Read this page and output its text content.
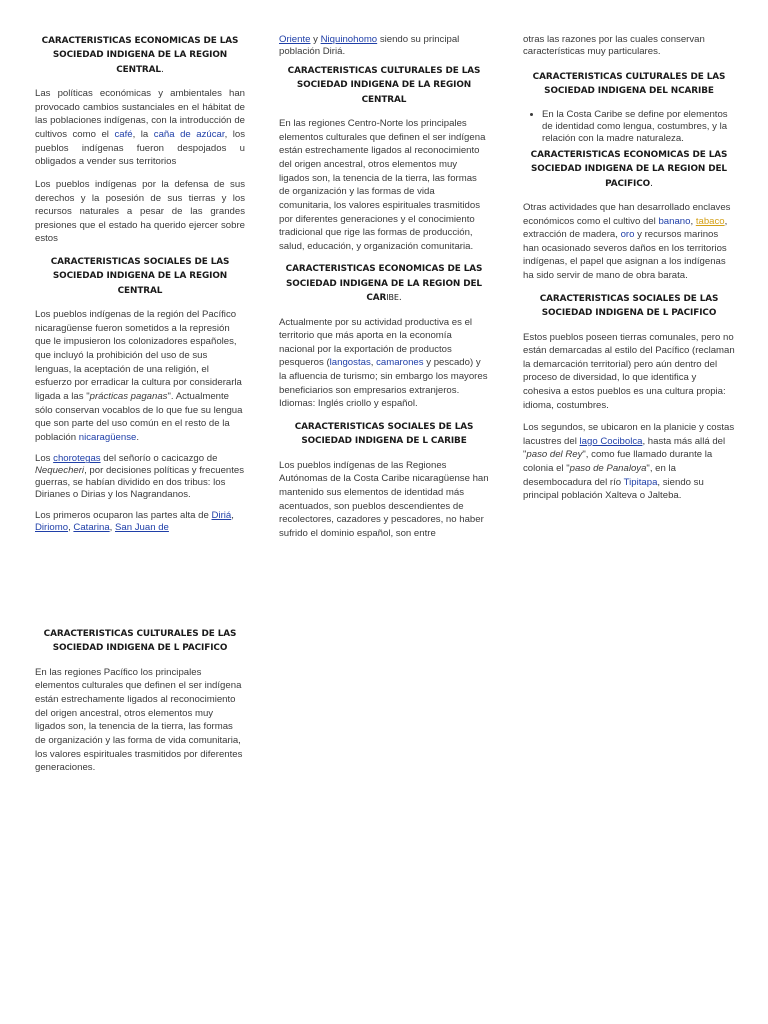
CARACTERISTICAS ECONOMICAS DE LAS SOCIEDAD INDIGENA DE LA REGION CENTRAL.

Las políticas económicas y ambientales han provocado cambios sustanciales en el hábitat de las poblaciones indígenas, con la introducción de cultivos como el café, la caña de azúcar, los pueblos indígenas fueron despojados u obligados a vender sus territorios

Los pueblos indígenas por la defensa de sus derechos y la posesión de sus tierras y los recursos naturales a pesar de las grandes presiones que el estado ha querido ejercer sobre estos

CARACTERISTICAS SOCIALES DE LAS SOCIEDAD INDIGENA DE LA REGION CENTRAL

Los pueblos indígenas de la región del Pacífico nicaragüense fueron sometidos a la represión que le impusieron los colonizadores españoles, que incluyó la prohibición del uso de sus lenguas, la aceptación de una religión, el esfuerzo por erradicar la cultura por considerarla ligada a las "prácticas paganas". Actualmente sólo conservan vocablos de lo que fue su lengua que son parte del uso común en el resto de la población nicaragüense.

Los chorotegas del señorío o cacicazgo de Nequecheri, por decisiones políticas y frecuentes guerras, se habían dividido en dos tribus: los Dirianes o Dirias y los Nagrandanos.

Los primeros ocuparon las partes alta de Diriá, Diriomo, Catarina, San Juan de

CARACTERISTICAS CULTURALES DE LAS SOCIEDAD INDIGENA DE L PACIFICO

En las regiones Pacífico los principales elementos culturales que definen el ser indígena están estrechamente ligados al reconocimiento del origen ancestral, otros elementos muy ligados son, la tenencia de la tierra, las formas de organización y las forma de vida comunitaria, los valores espirituales trasmitidos por diferentes generaciones.

Oriente y Niquinohomo siendo su principal población Diriá.

CARACTERISTICAS CULTURALES DE LAS SOCIEDAD INDIGENA DE LA REGION CENTRAL

En las regiones Centro-Norte los principales elementos culturales que definen el ser indígena están estrechamente ligados al reconocimiento del origen ancestral, otros elementos muy ligados son, la tenencia de la tierra, las formas de organización y las formas de vida comunitaria, los valores espirituales trasmitidos por diferentes generaciones y el conocimiento tradicional que rige las formas de producción, salud, educación, y organización comunitaria.

CARACTERISTICAS ECONOMICAS DE LAS SOCIEDAD INDIGENA DE LA REGION DEL CARIBE.

Actualmente por su actividad productiva es el territorio que más aporta en la economía nacional por la exportación de productos pesqueros (langostas, camarones y pescado) y la afluencia de turismo; sin embargo los mayores beneficiarios son empresarios extranjeros. Idiomas: Inglés criollo y español.

CARACTERISTICAS SOCIALES DE LAS SOCIEDAD INDIGENA DE L CARIBE

Los pueblos indígenas de las Regiones Autónomas de la Costa Caribe nicaragüense han mantenido sus elementos de identidad más acentuados, son pueblos descendientes de recolectores, cazadores y pescadores, no haber sufrido el dominio español, son entre

otras las razones por las cuales conservan características muy particulares.

CARACTERISTICAS CULTURALES DE LAS SOCIEDAD INDIGENA DEL NCARIBE
• En la Costa Caribe se define por elementos de identidad como lengua, costumbres, y la relación con la madre naturaleza.
CARACTERISTICAS ECONOMICAS DE LAS SOCIEDAD INDIGENA DE LA REGION DEL PACIFICO.

Otras actividades que han desarrollado enclaves económicos como el cultivo del banano, tabaco, extracción de madera, oro y recursos marinos han ocasionado severos daños en los territorios indígenas, el papel que asignan a los indígenas ha sido servir de mano de obra barata.

CARACTERISTICAS SOCIALES DE LAS SOCIEDAD INDIGENA DE L PACIFICO

Estos pueblos poseen tierras comunales, pero no están demarcadas al estilo del Pacífico (reclaman la demarcación territorial) pero aún dentro del proceso de diversidad, lo que identifica y cohesiva a estos pueblos es una cultura propia: idioma, costumbres.

Los segundos, se ubicaron en la planicie y costas lacustres del lago Cocibolca, hasta más allá del "paso del Rey", como fue llamado durante la colonia el "paso de Panaloya", en la desembocadura del río Tipitapa, siendo su principal población Xalteva o Jalteba.
